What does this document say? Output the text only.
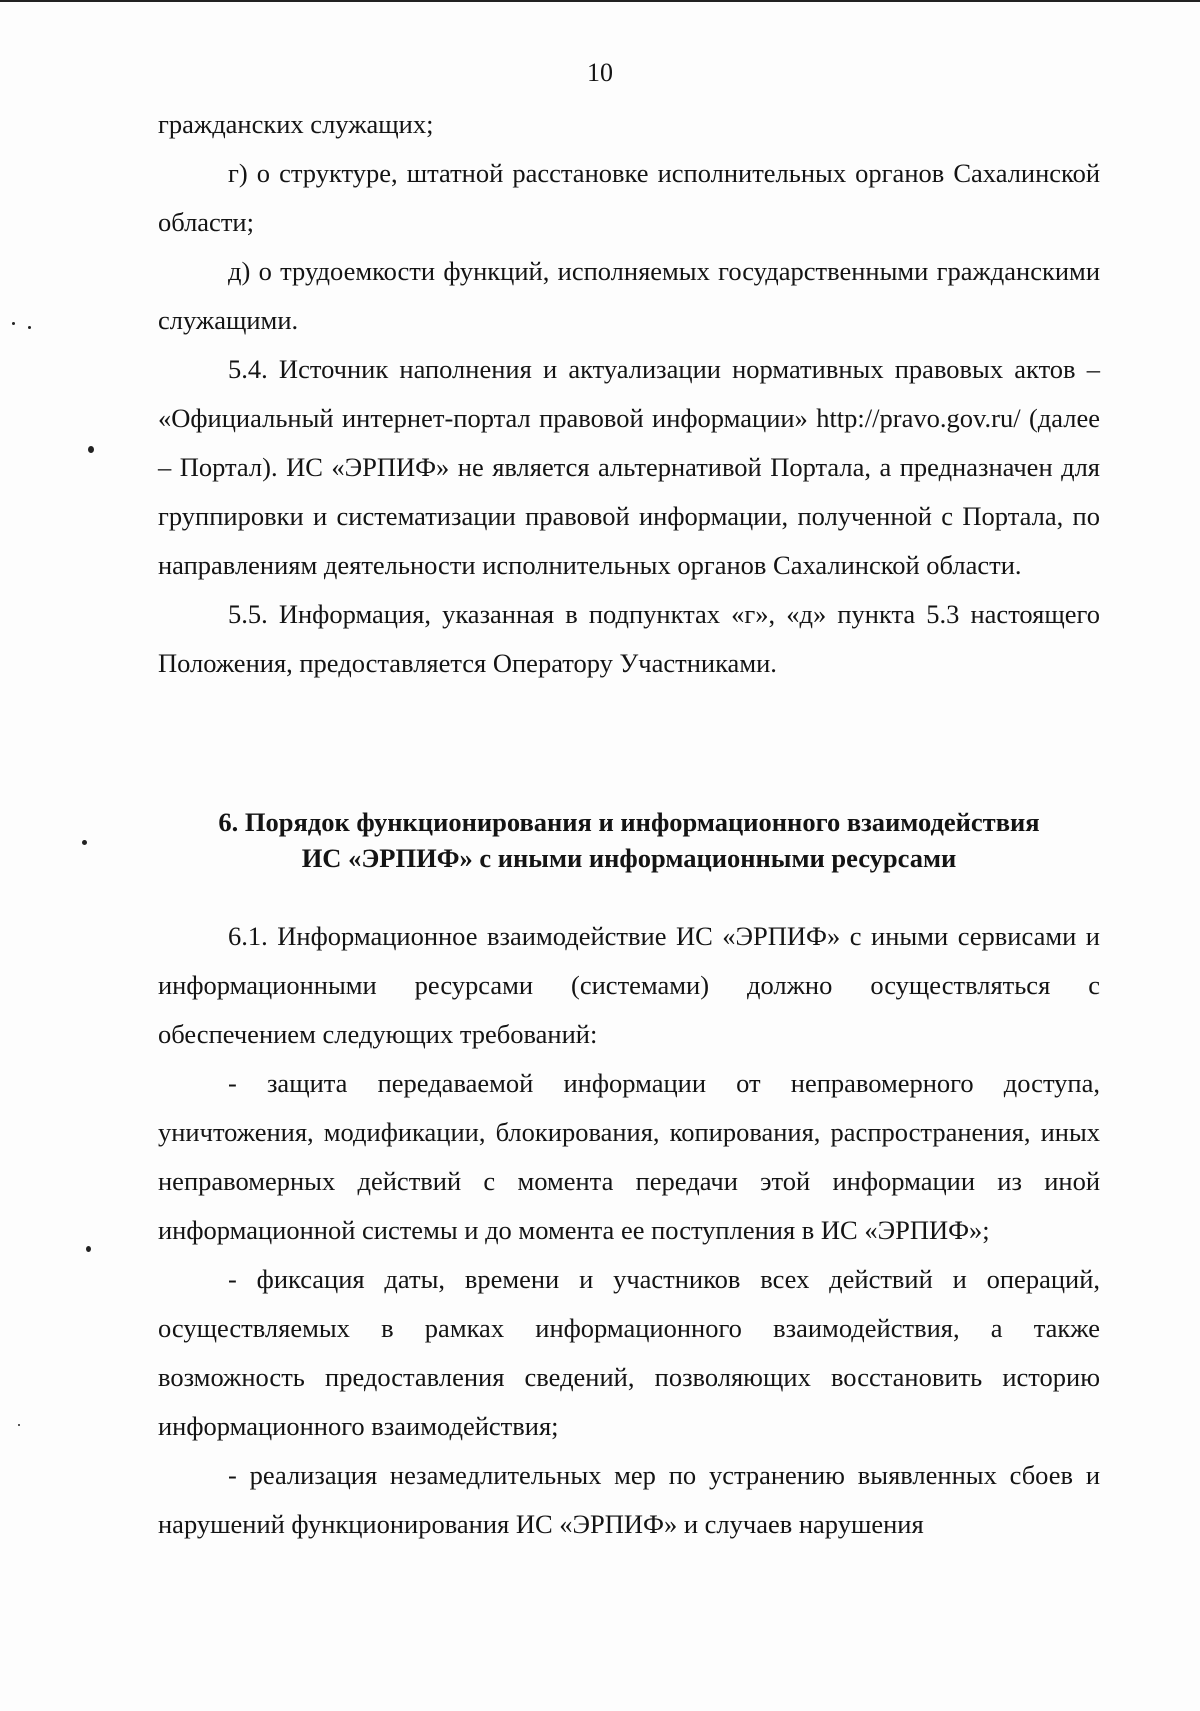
10

гражданских служащих;

г) о структуре, штатной расстановке исполнительных органов Сахалинской области;

д) о трудоемкости функций, исполняемых государственными гражданскими служащими.

5.4. Источник наполнения и актуализации нормативных правовых актов – «Официальный интернет-портал правовой информации» http://pravo.gov.ru/ (далее – Портал). ИС «ЭРПИФ» не является альтернативой Портала, а предназначен для группировки и систематизации правовой информации, полученной с Портала, по направлениям деятельности исполнительных органов Сахалинской области.

5.5. Информация, указанная в подпунктах «г», «д» пункта 5.3 настоящего Положения, предоставляется Оператору Участниками.

6. Порядок функционирования и информационного взаимодействия
ИС «ЭРПИФ» с иными информационными ресурсами

6.1. Информационное взаимодействие ИС «ЭРПИФ» с иными сервисами и информационными ресурсами (системами) должно осуществляться с обеспечением следующих требований:

- защита передаваемой информации от неправомерного доступа, уничтожения, модификации, блокирования, копирования, распространения, иных неправомерных действий с момента передачи этой информации из иной информационной системы и до момента ее поступления в ИС «ЭРПИФ»;

- фиксация даты, времени и участников всех действий и операций, осуществляемых в рамках информационного взаимодействия, а также возможность предоставления сведений, позволяющих восстановить историю информационного взаимодействия;

- реализация незамедлительных мер по устранению выявленных сбоев и нарушений функционирования ИС «ЭРПИФ» и случаев нарушения
